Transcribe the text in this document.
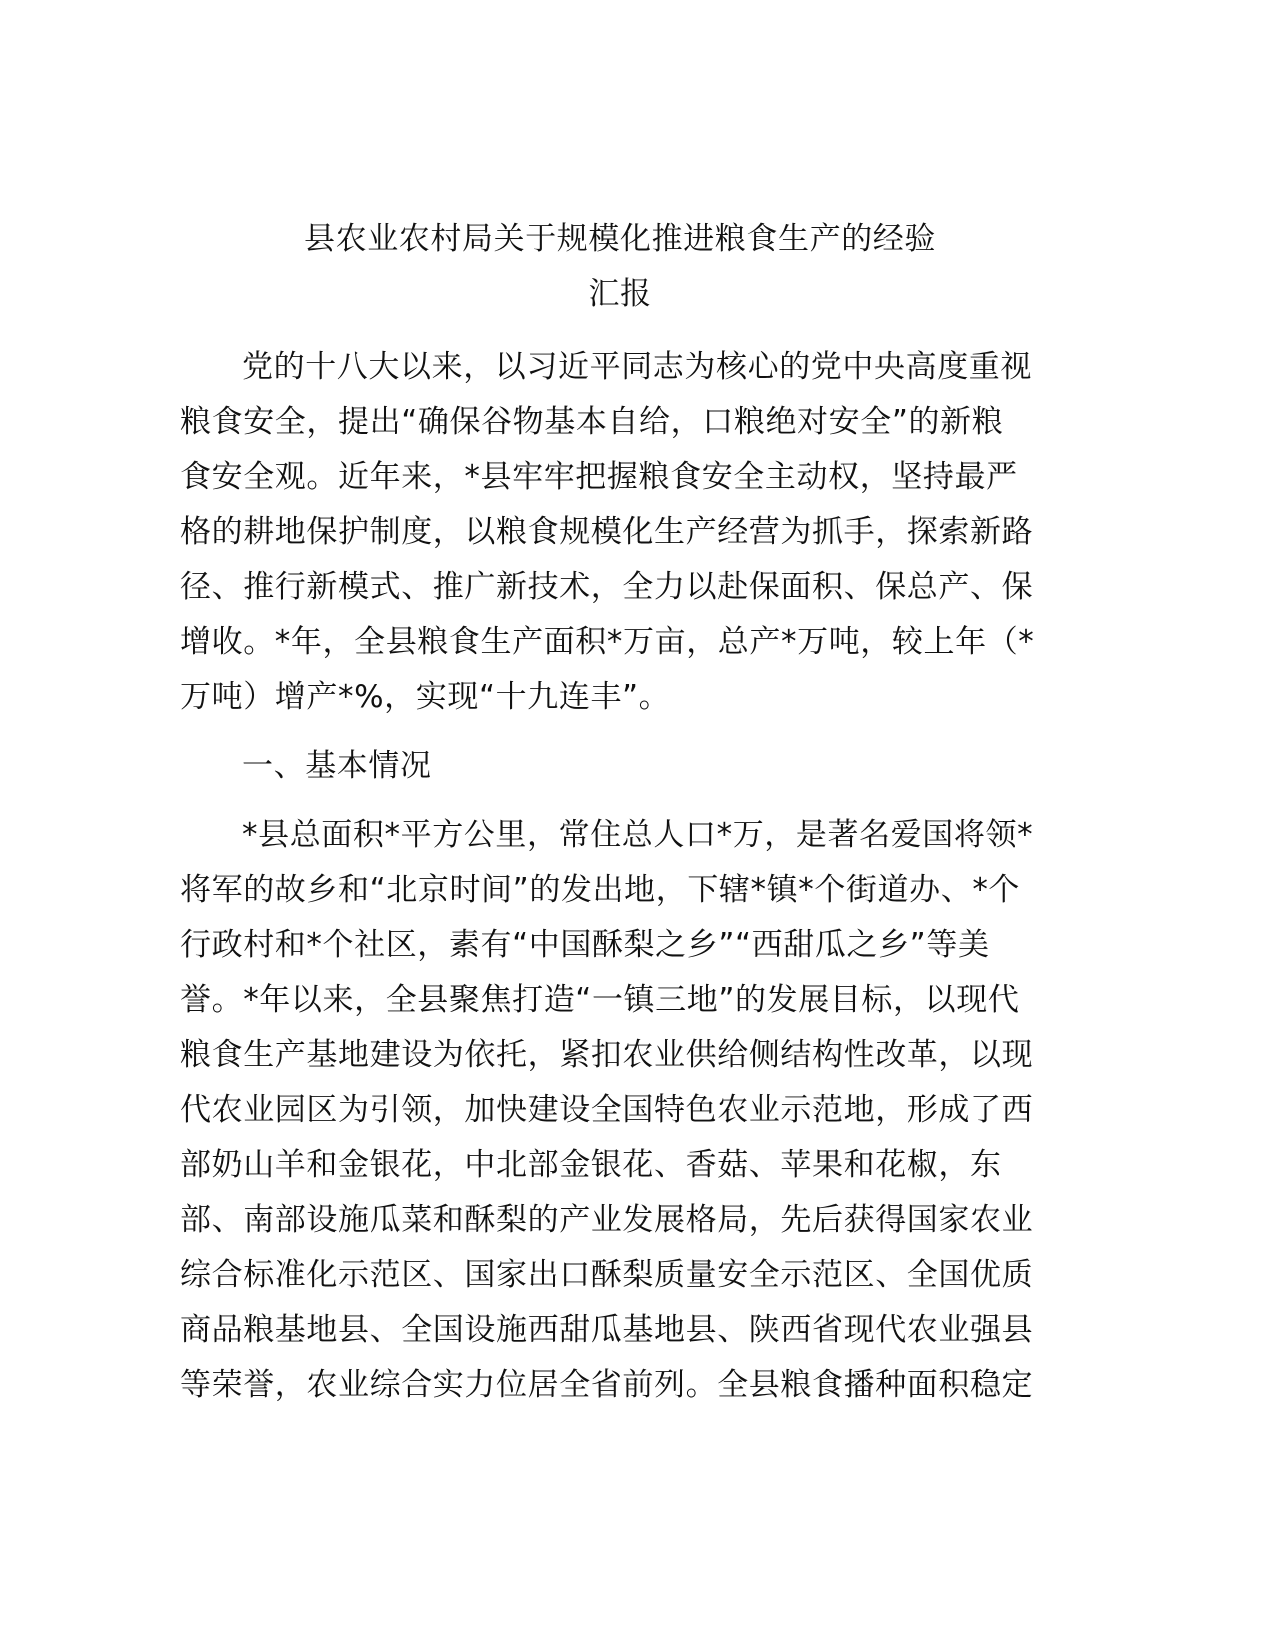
县农业农村局关于规模化推进粮食生产的经验
汇报
党的十八大以来，以习近平同志为核心的党中央高度重视
粮食安全，提出“确保谷物基本自给，口粮绝对安全”的新粮
食安全观。近年来，*县牢牢把握粮食安全主动权，坚持最严
格的耕地保护制度，以粮食规模化生产经营为抓手，探索新路
径、推行新模式、推广新技术，全力以赴保面积、保总产、保
增收。*年，全县粮食生产面积*万亩，总产*万吨，较上年（*
万吨）增产*%，实现“十九连丰”。
一、基本情况
*县总面积*平方公里，常住总人口*万，是著名爱国将领*
将军的故乡和“北京时间”的发出地，下辖*镇*个街道办、*个
行政村和*个社区，素有“中国酥梨之乡”“西甜瓜之乡”等美
誉。*年以来，全县聚焦打造“一镇三地”的发展目标，以现代
粮食生产基地建设为依托，紧扣农业供给侧结构性改革，以现
代农业园区为引领，加快建设全国特色农业示范地，形成了西
部奶山羊和金银花，中北部金银花、香菇、苹果和花椒，东
部、南部设施瓜菜和酥梨的产业发展格局，先后获得国家农业
综合标准化示范区、国家出口酥梨质量安全示范区、全国优质
商品粮基地县、全国设施西甜瓜基地县、陕西省现代农业强县
等荣誉，农业综合实力位居全省前列。全县粮食播种面积稳定
